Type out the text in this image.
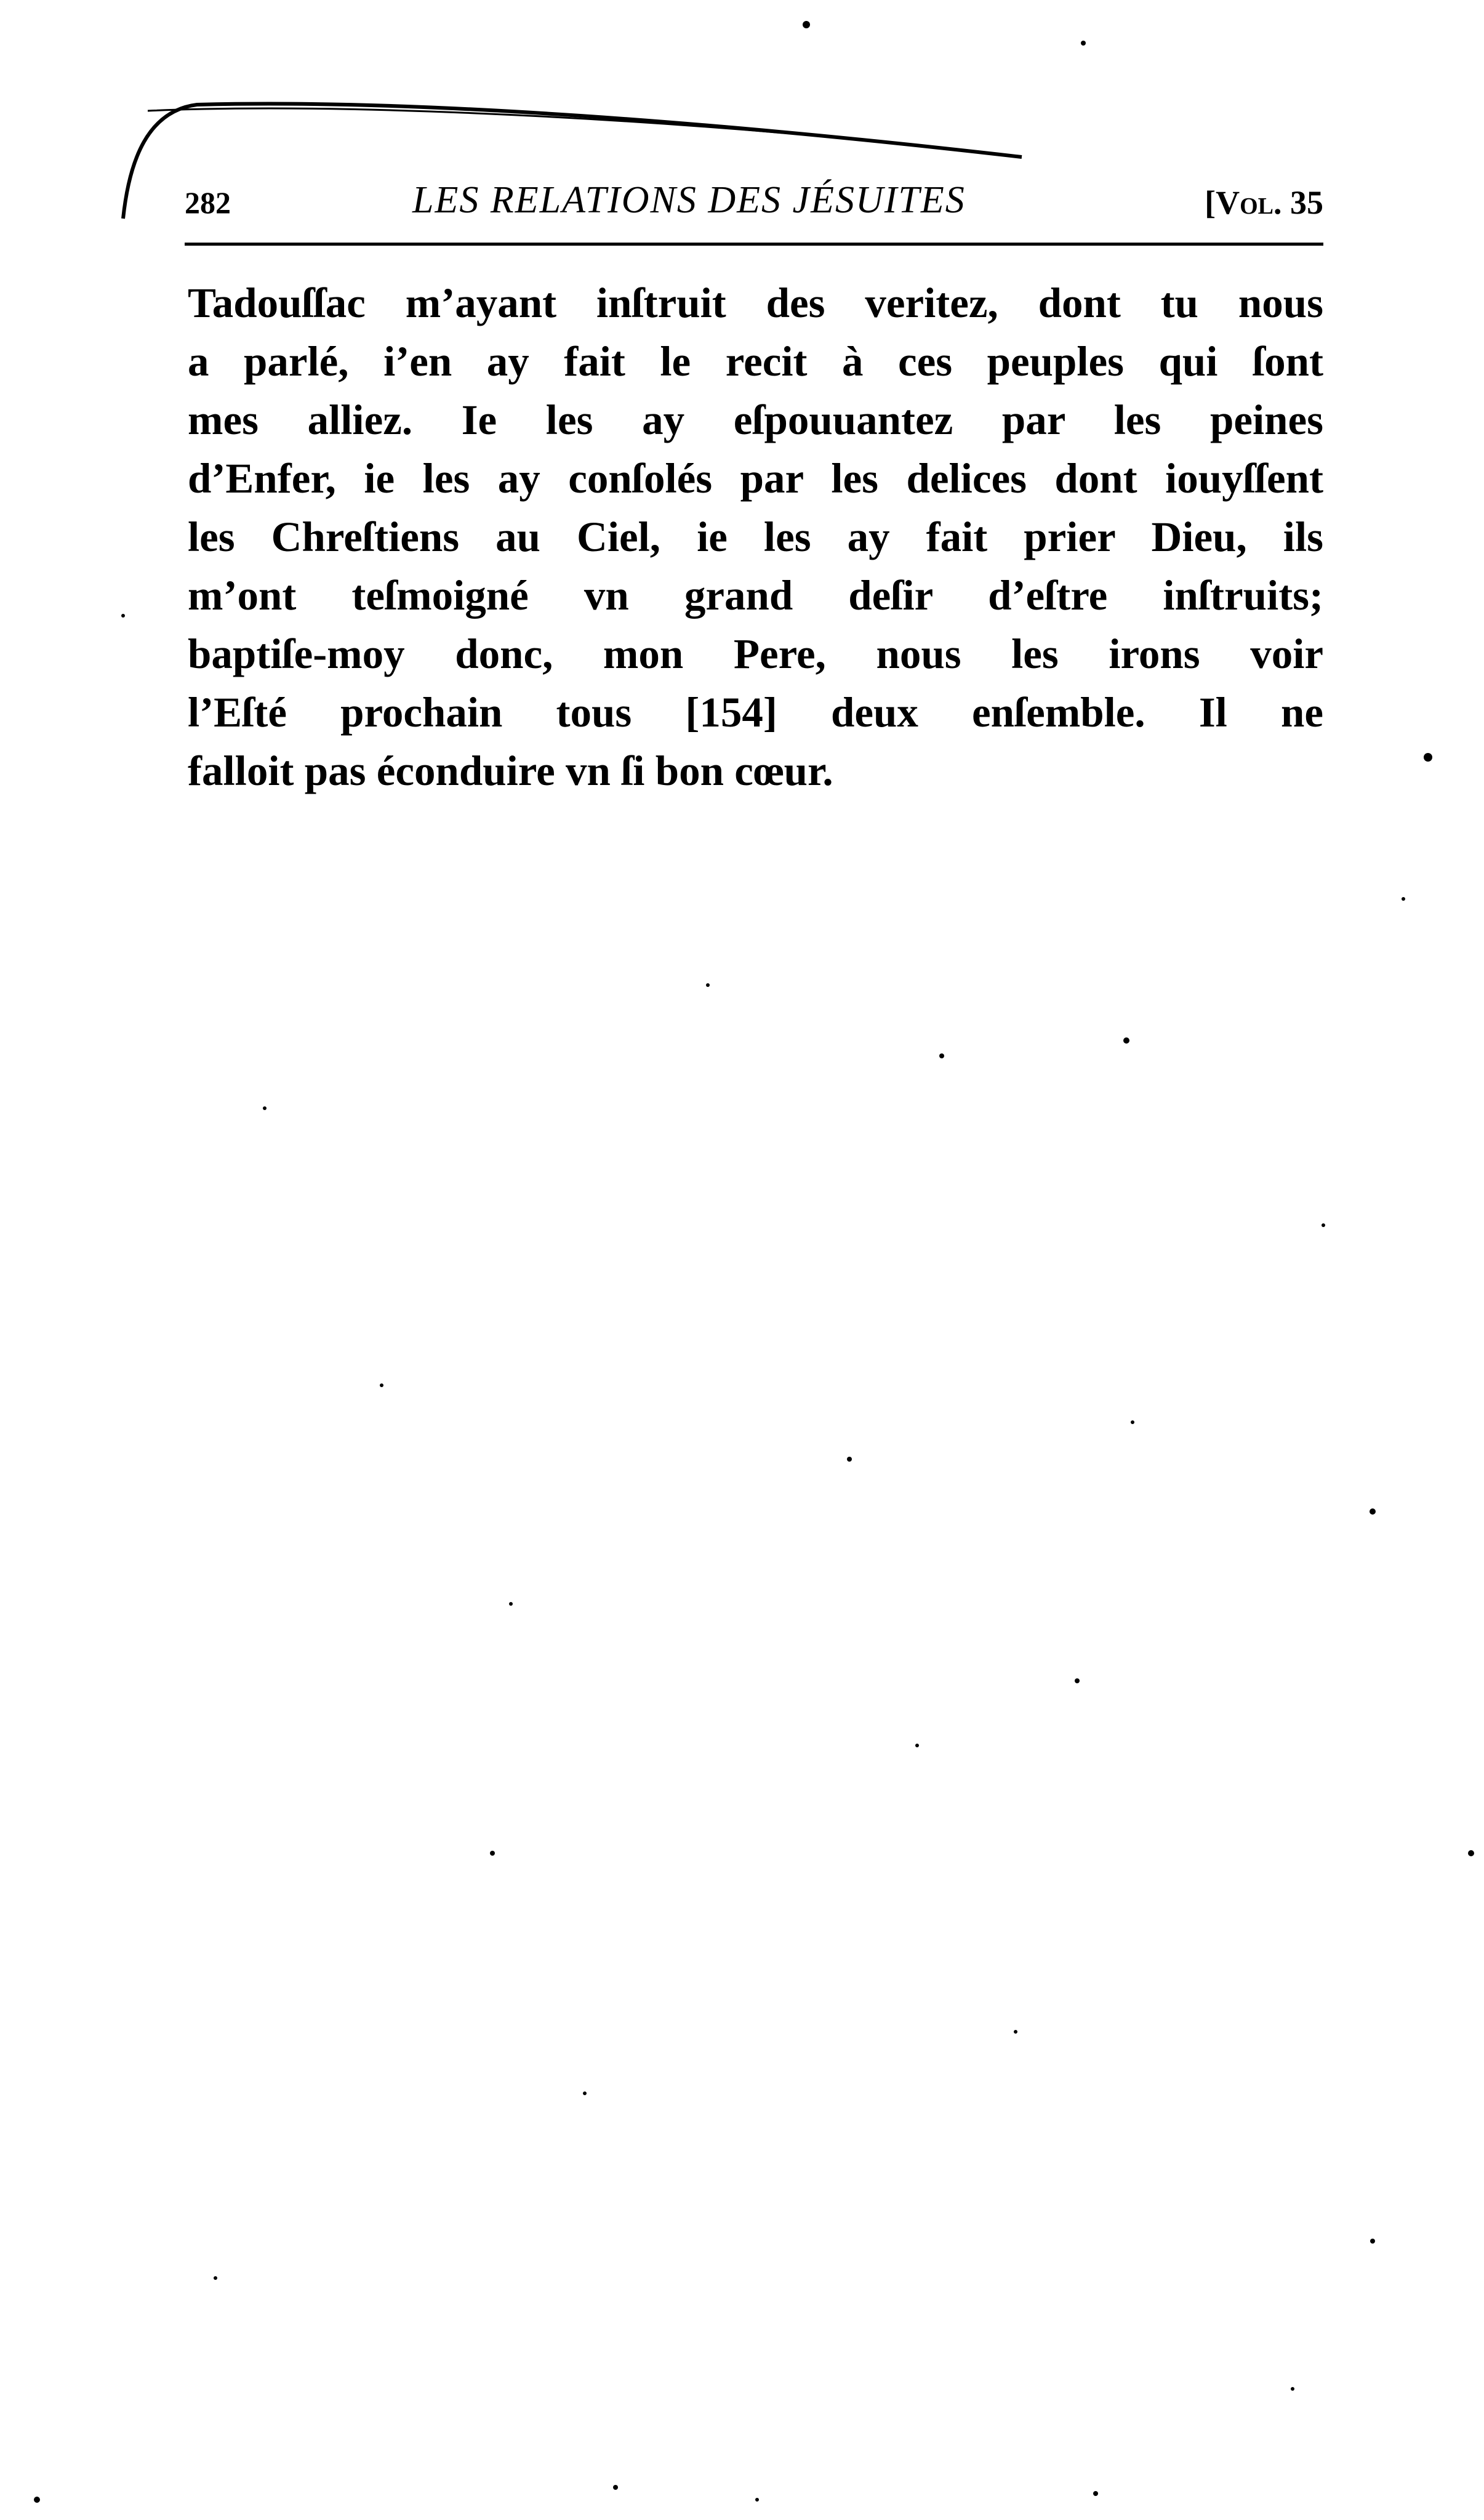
282	LES RELATIONS DES JÉSUITES	[Vol. 35
Tadouſſac m’ayant inſtruit des veritez, dont tu nous
a parlé, i’en ay fait le recit à ces peuples qui ſont
mes alliez. Ie les ay eſpouuantez par les peines
d’Enfer, ie les ay conſolés par les delices dont iouyſſent
les Chreſtiens au Ciel, ie les ay fait prier Dieu, ils
m’ont teſmoigné vn grand deſir d’eſtre inſtruits;
baptiſe-moy donc, mon Pere, nous les irons voir
l’Eſté prochain tous [154] deux enſemble. Il ne
falloit pas éconduire vn ſi bon cœur.
